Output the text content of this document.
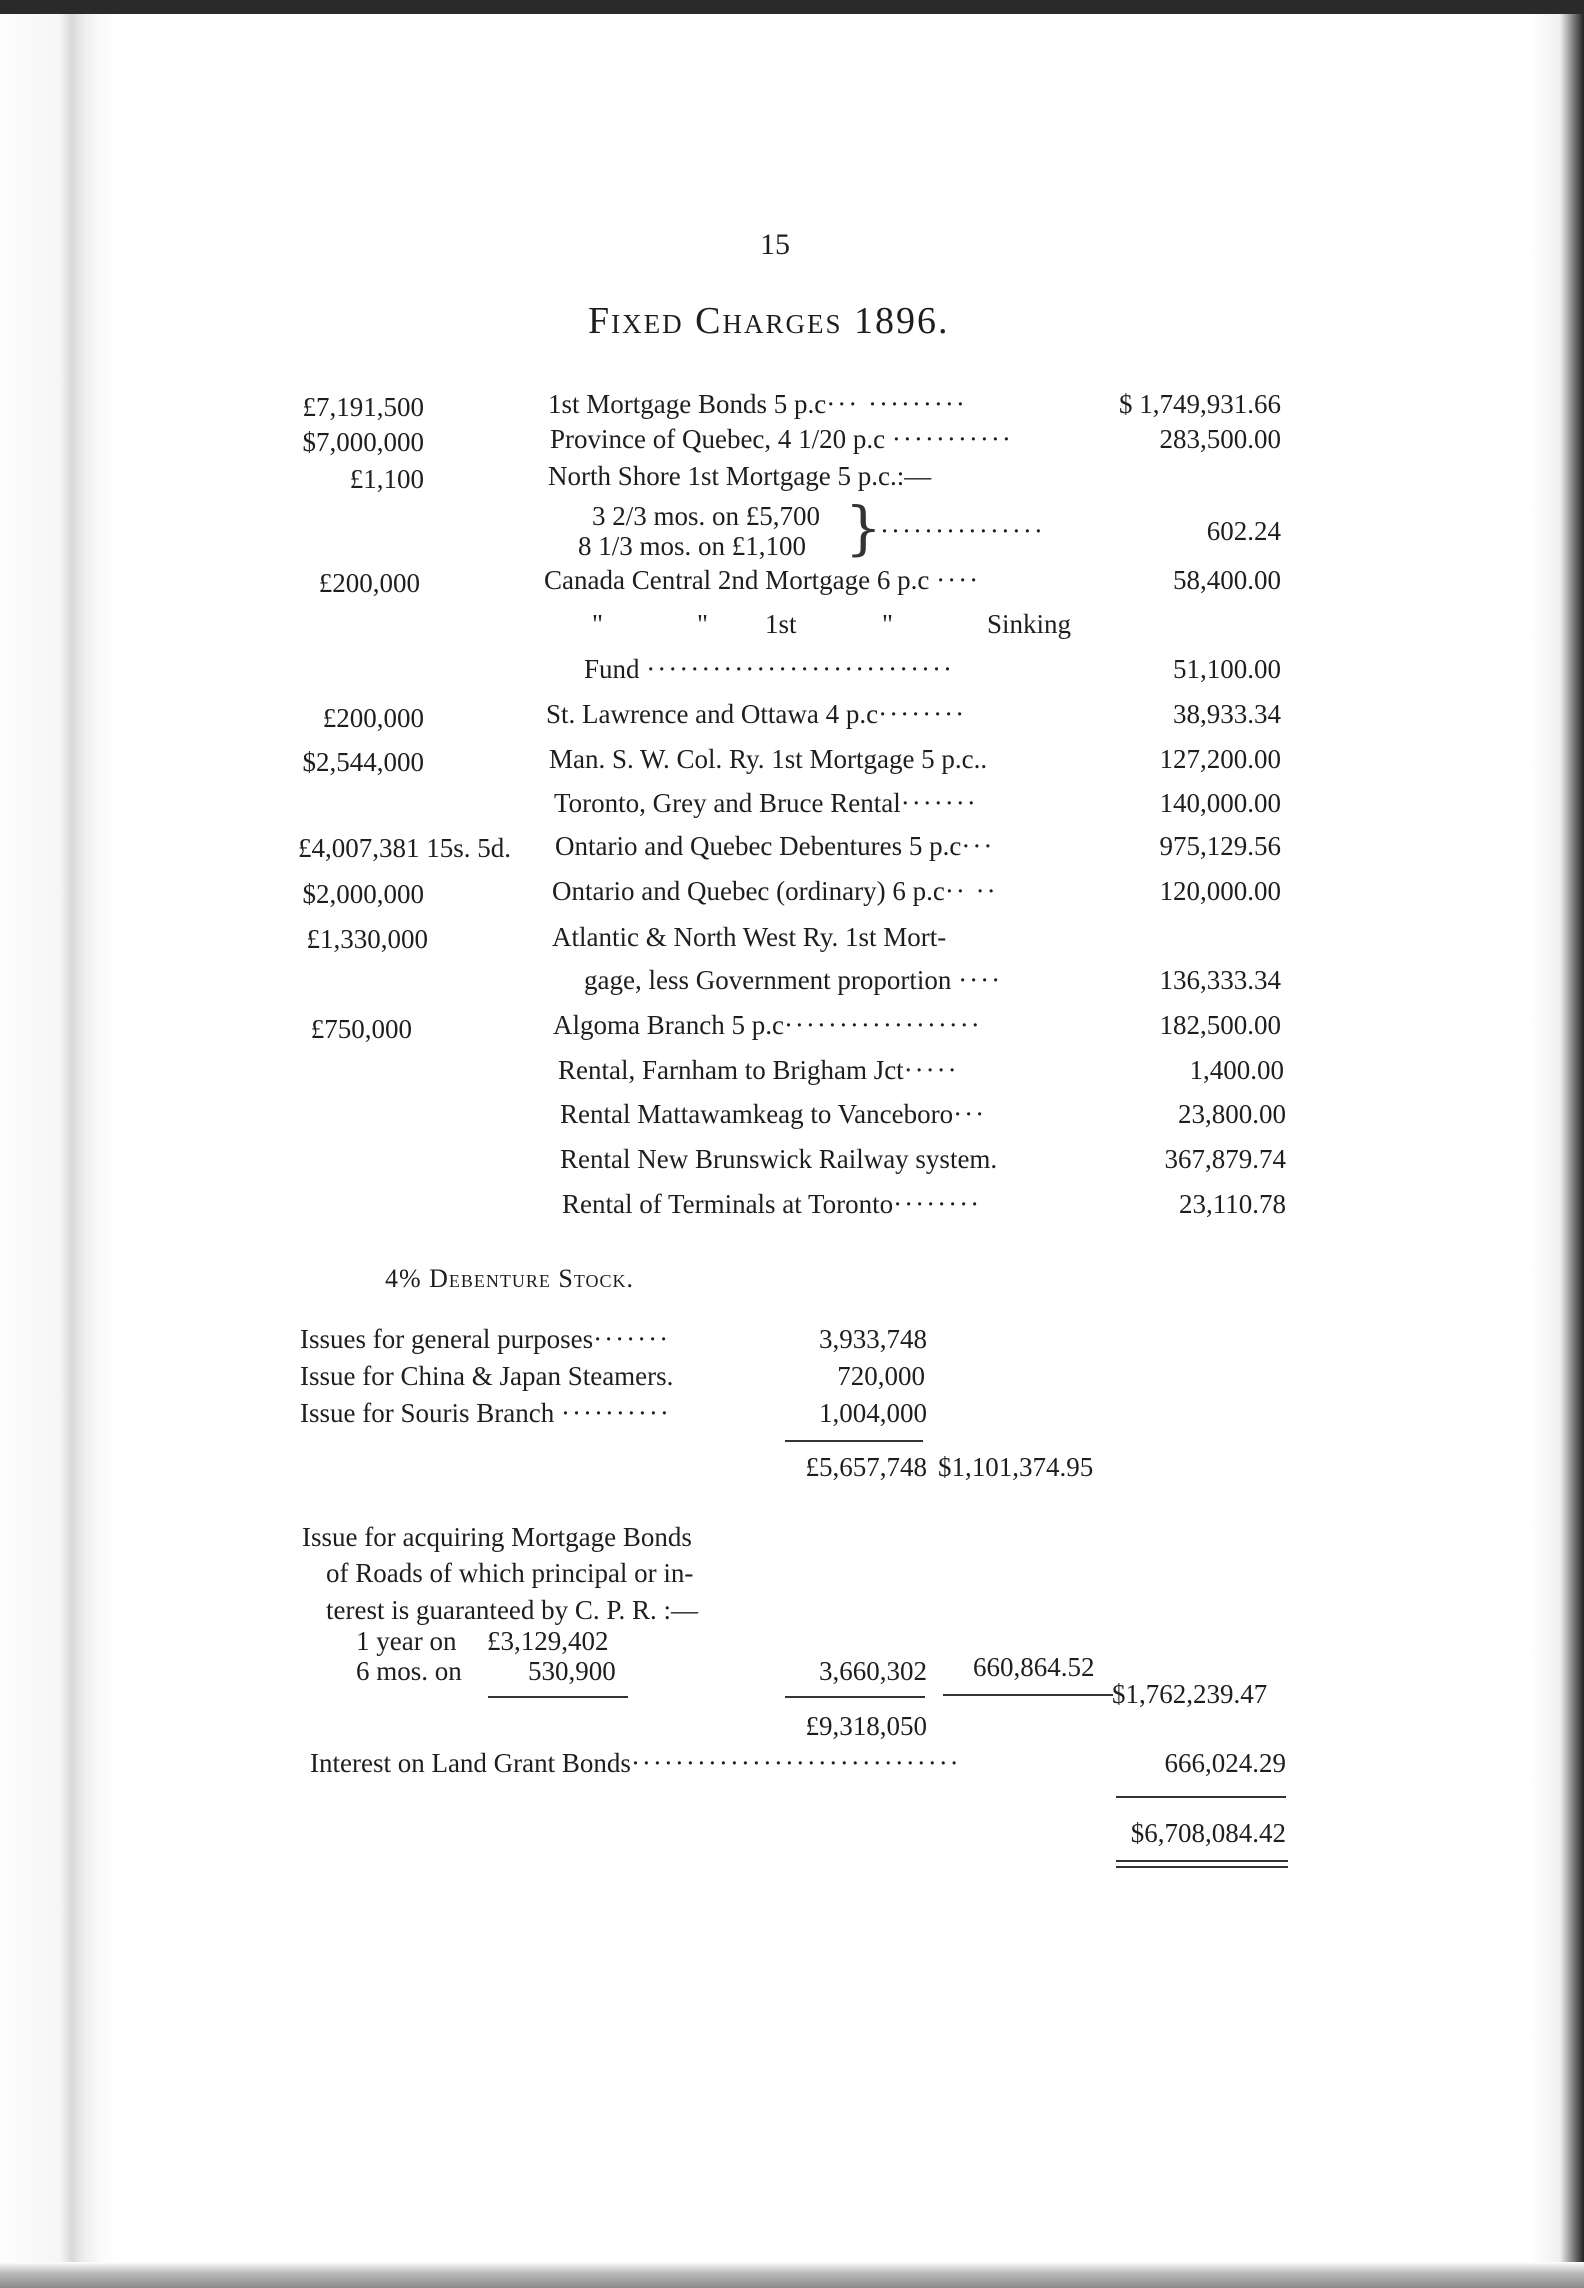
15
Fixed Charges 1896.
£7,191,500	1st Mortgage Bonds 5 p.c··· ·········	$ 1,749,931.66
$7,000,000	Province of Quebec, 4 1/20 p.c ···········	283,500.00
£1,100	North Shore 1st Mortgage 5 p.c.:—
3 2/3 mos. on £5,700
8 1/3 mos. on £1,100 }
···············	602.24
£200,000	Canada Central 2nd Mortgage 6 p.c ····	58,400.00
"	" 1st	"	Sinking
Fund ····························	51,100.00
£200,000	St. Lawrence and Ottawa 4 p.c········	38,933.34
$2,544,000	Man. S. W. Col. Ry. 1st Mortgage 5 p.c..	127,200.00
Toronto, Grey and Bruce Rental·······	140,000.00
£4,007,381 15s. 5d. Ontario and Quebec Debentures 5 p.c···	975,129.56
$2,000,000	Ontario and Quebec (ordinary) 6 p.c·· ··	120,000.00
£1,330,000	Atlantic & North West Ry. 1st Mort-
gage, less Government proportion ····	136,333.34
£750,000	Algoma Branch 5 p.c··················	182,500.00
Rental, Farnham to Brigham Jct·····	1,400.00
Rental Mattawamkeag to Vanceboro···	23,800.00
Rental New Brunswick Railway system.	367,879.74
Rental of Terminals at Toronto········	23,110.78
4% Debenture Stock.
Issues for general purposes·······	3,933,748
Issue for China & Japan Steamers.	720,000
Issue for Souris Branch ··········	1,004,000
£5,657,748 $1,101,374.95
Issue for acquiring Mortgage Bonds
of Roads of which principal or in-
terest is guaranteed by C. P. R. :—
1 year on £3,129,402
6 mos. on 530,900	3,660,302 660,864.52
$1,762,239.47
£9,318,050
Interest on Land Grant Bonds······························	666,024.29
$6,708,084.42
